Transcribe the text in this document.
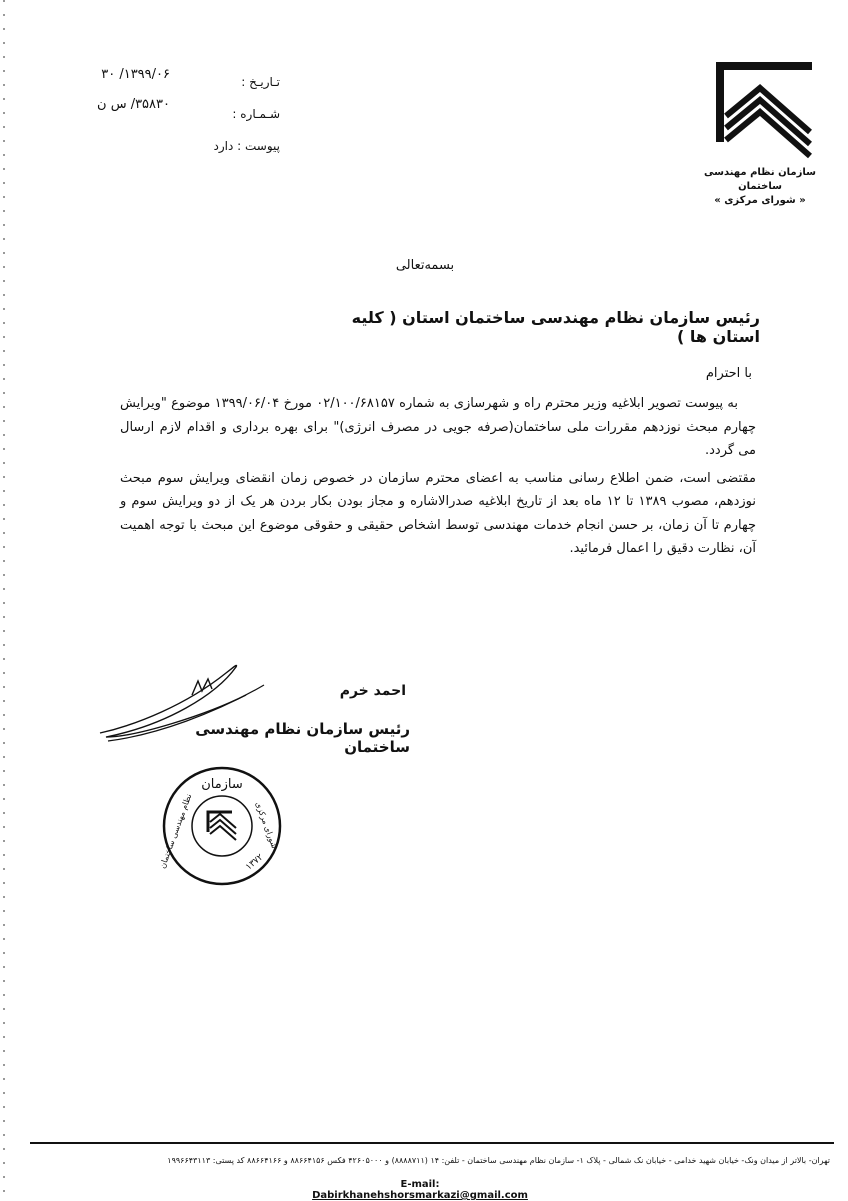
سازمان نظام مهندسی ساختمان
« شورای مرکزی »
تـاریـخ :
شـمـاره :
پیوست : دارد
۱۳۹۹/۰۶/ ۳۰
۳۵۸۳۰/ س ن
بسمه‌تعالی
رئیس سازمان نظام مهندسی ساختمان استان ( کلیه استان ها )
با احترام

به پیوست تصویر ابلاغیه وزیر محترم راه و شهرسازی به شماره ۰۲/۱۰۰/۶۸۱۵۷ مورخ ۱۳۹۹/۰۶/۰۴ موضوع "ویرایش چهارم مبحث نوزدهم مقررات ملی ساختمان(صرفه جویی در مصرف انرژی)" برای بهره برداری و اقدام لازم ارسال می گردد.

مقتضی است، ضمن اطلاع رسانی مناسب به اعضای محترم سازمان در خصوص زمان انقضای ویرایش سوم مبحث نوزدهم، مصوب ۱۳۸۹ تا ۱۲ ماه بعد از تاریخ ابلاغیه صدرالاشاره و مجاز بودن بکار بردن هر یک از دو ویرایش سوم و چهارم تا آن زمان، بر حسن انجام خدمات مهندسی توسط اشخاص حقیقی و حقوقی موضوع این مبحث با توجه اهمیت آن، نظارت دقیق را اعمال فرمائید.

احمد خرم
رئیس سازمان نظام مهندسی ساختمان
سازمان
نظام مهندسی ساختمان	شورای مرکزی
۱۳۷۲
تهران- بالاتر از میدان ونک- خیابان شهید خدامی - خیابان نک شمالی - پلاک ۱- سازمان نظام مهندسی ساختمان - تلفن: ۱۴ (۸۸۸۸۷۱۱) و ۴۲۶۰۵۰۰۰ فکس ۸۸۶۶۴۱۵۶ و ۸۸۶۶۴۱۶۶ کد پستی: ۱۹۹۶۶۴۳۱۱۳
E-mail: Dabirkhanehshorsmarkazi@gmail.com
